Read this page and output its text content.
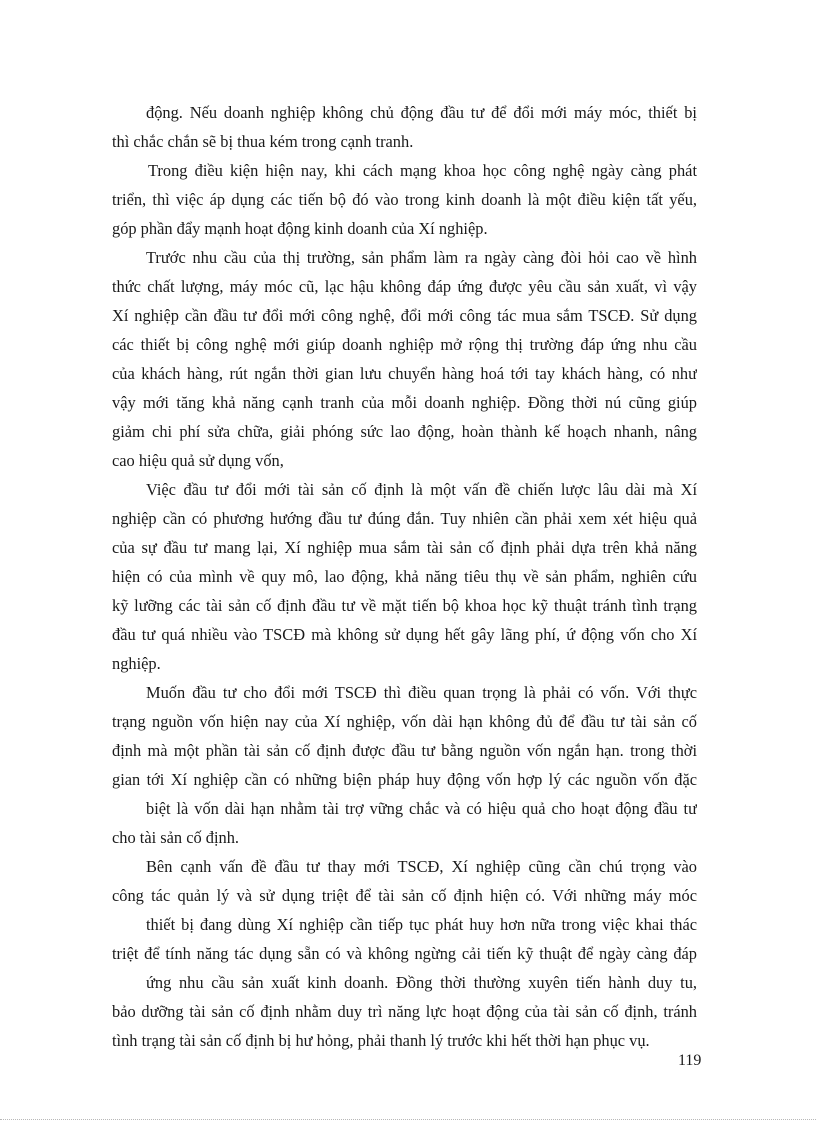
động. Nếu doanh nghiệp không chủ động đầu tư để đổi mới máy móc, thiết bị
thì chắc chắn sẽ bị thua kém trong cạnh tranh.

Trong điều kiện hiện nay, khi cách mạng khoa học công nghệ ngày càng phát
triển, thì việc áp dụng các tiến bộ đó vào trong kinh doanh là một điều kiện tất yếu,
góp phần đẩy mạnh hoạt động kinh doanh của Xí nghiệp.

Trước nhu cầu của thị trường, sản phẩm làm ra ngày càng đòi hỏi cao về hình
thức chất lượng, máy móc cũ, lạc hậu không đáp ứng được yêu cầu sản xuất, vì vậy
Xí nghiệp cần đầu tư đổi mới công nghệ, đổi mới công tác mua sắm TSCĐ. Sử dụng
các thiết bị công nghệ mới giúp doanh nghiệp mở rộng thị trường đáp ứng nhu cầu
của khách hàng, rút ngắn thời gian lưu chuyển hàng hoá tới tay khách hàng, có như
vậy mới tăng khả năng cạnh tranh của mỗi doanh nghiệp. Đồng thời nú cũng giúp
giảm chi phí sửa chữa, giải phóng sức lao động, hoàn thành kế hoạch nhanh, nâng
cao hiệu quả sử dụng vốn,

Việc đầu tư đổi mới tài sản cố định là một vấn đề chiến lược lâu dài mà Xí
nghiệp cần có phương hướng đầu tư đúng đắn. Tuy nhiên cần phải xem xét hiệu quả
của sự đầu tư mang lại, Xí nghiệp mua sắm tài sản cố định phải dựa trên khả năng
hiện có của mình về quy mô, lao động, khả năng tiêu thụ về sản phẩm, nghiên cứu
kỹ lưỡng các tài sản cố định đầu tư về mặt tiến bộ khoa học kỹ thuật tránh tình trạng
đầu tư quá nhiều vào TSCĐ mà không sử dụng hết gây lãng phí, ứ động vốn cho Xí
nghiệp.

Muốn đầu tư cho đổi mới TSCĐ thì điều quan trọng là phải có vốn. Với thực
trạng nguồn vốn hiện nay của Xí nghiệp, vốn dài hạn không đủ để đầu tư tài sản cố
định mà một phần tài sản cố định được đầu tư bằng nguồn vốn ngắn hạn. trong thời
gian tới Xí nghiệp cần có những biện pháp huy động vốn hợp lý các nguồn vốn đặc
biệt là vốn dài hạn nhằm tài trợ vững chắc và có hiệu quả cho hoạt động đầu tư
cho tài sản cố định.

Bên cạnh vấn đề đầu tư thay mới TSCĐ, Xí nghiệp cũng cần chú trọng vào
công tác quản lý và sử dụng triệt để tài sản cố định hiện có. Với những máy móc
thiết bị đang dùng Xí nghiệp cần tiếp tục phát huy hơn nữa trong việc khai thác
triệt để tính năng tác dụng sẵn có và không ngừng cải tiến kỹ thuật để ngày càng đáp
ứng nhu cầu sản xuất kinh doanh. Đồng thời thường xuyên tiến hành duy tu,
bảo dưỡng tài sản cố định nhằm duy trì năng lực hoạt động của tài sản cố định, tránh
tình trạng tài sản cố định bị hư hỏng, phải thanh lý trước khi hết thời hạn phục vụ.

119
